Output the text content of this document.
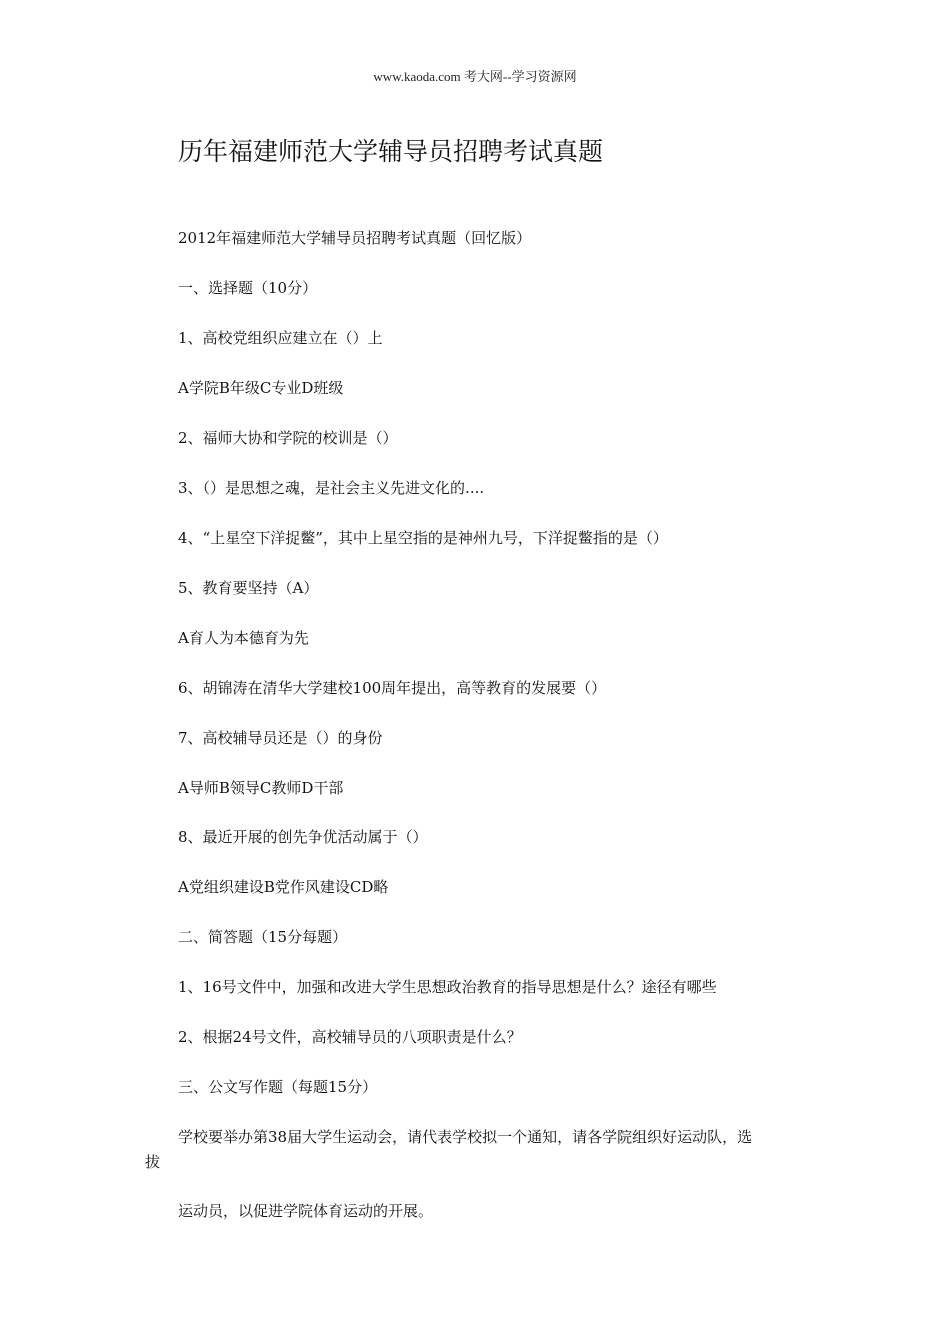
www.kaoda.com 考大网--学习资源网
历年福建师范大学辅导员招聘考试真题
2012年福建师范大学辅导员招聘考试真题（回忆版）
一、选择题（10分）
1、高校党组织应建立在（）上
A学院B年级C专业D班级
2、福师大协和学院的校训是（）
3、（）是思想之魂，是社会主义先进文化的....
4、“上星空下洋捉鳖”，其中上星空指的是神州九号，下洋捉鳖指的是（）
5、教育要坚持（A）
A育人为本德育为先
6、胡锦涛在清华大学建校100周年提出，高等教育的发展要（）
7、高校辅导员还是（）的身份
A导师B领导C教师D干部
8、最近开展的创先争优活动属于（）
A党组织建设B党作风建设CD略
二、简答题（15分每题）
1、16号文件中，加强和改进大学生思想政治教育的指导思想是什么？途径有哪些
2、根据24号文件，高校辅导员的八项职责是什么？
三、公文写作题（每题15分）
学校要举办第38届大学生运动会，请代表学校拟一个通知，请各学院组织好运动队，选
拔
运动员，以促进学院体育运动的开展。
